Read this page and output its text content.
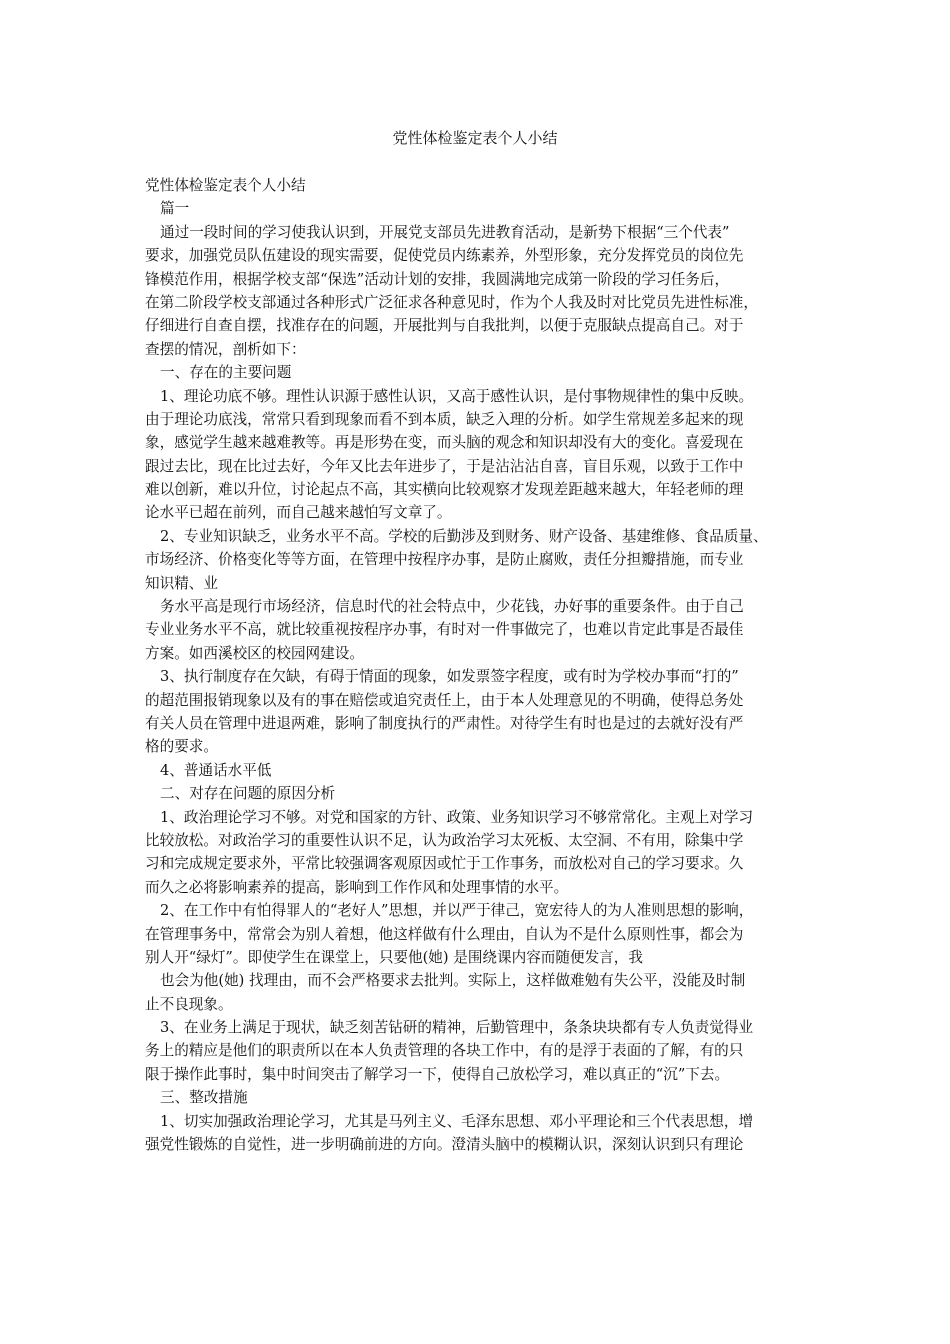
党性体检鉴定表个人小结
党性体检鉴定表个人小结
篇一
通过一段时间的学习使我认识到，开展党支部员先进教育活动，是新势下根据“三个代表”
要求，加强党员队伍建设的现实需要，促使党员内练素养，外型形象，充分发挥党员的岗位先
锋模范作用，根据学校支部“保选”活动计划的安排，我圆满地完成第一阶段的学习任务后，
在第二阶段学校支部通过各种形式广泛征求各种意见时，作为个人我及时对比党员先进性标准，
仔细进行自查自摆，找准存在的问题，开展批判与自我批判，以便于克服缺点提高自己。对于
查摆的情况，剖析如下：
一、存在的主要问题
1、理论功底不够。理性认识源于感性认识，又高于感性认识，是付事物规律性的集中反映。
由于理论功底浅，常常只看到现象而看不到本质，缺乏入理的分析。如学生常规差多起来的现
象，感觉学生越来越难教等。再是形势在变，而头脑的观念和知识却没有大的变化。喜爱现在
跟过去比，现在比过去好，今年又比去年进步了，于是沾沾沾自喜，盲目乐观，以致于工作中
难以创新，难以升位，讨论起点不高，其实横向比较观察才发现差距越来越大，年轻老师的理
论水平已超在前列，而自己越来越怕写文章了。
2、专业知识缺乏，业务水平不高。学校的后勤涉及到财务、财产设备、基建维修、食品质量、
市场经济、价格变化等等方面，在管理中按程序办事，是防止腐败，责任分担瓣措施，而专业
知识精、业
务水平高是现行市场经济，信息时代的社会特点中，少花钱，办好事的重要条件。由于自己
专业业务水平不高，就比较重视按程序办事，有时对一件事做完了，也难以肯定此事是否最佳
方案。如西溪校区的校园网建设。
3、执行制度存在欠缺，有碍于情面的现象，如发票签字程度，或有时为学校办事而“打的”
的超范围报销现象以及有的事在赔偿或追究责任上，由于本人处理意见的不明确，使得总务处
有关人员在管理中进退两难，影响了制度执行的严肃性。对待学生有时也是过的去就好没有严
格的要求。
4、普通话水平低
二、对存在问题的原因分析
1、政治理论学习不够。对党和国家的方针、政策、业务知识学习不够常常化。主观上对学习
比较放松。对政治学习的重要性认识不足，认为政治学习太死板、太空洞、不有用，除集中学
习和完成规定要求外，平常比较强调客观原因或忙于工作事务，而放松对自己的学习要求。久
而久之必将影响素养的提高，影响到工作作风和处理事情的水平。
2、在工作中有怕得罪人的“老好人”思想，并以严于律己，宽宏待人的为人准则思想的影响，
在管理事务中，常常会为别人着想，他这样做有什么理由，自认为不是什么原则性事，都会为
别人开“绿灯”。即使学生在课堂上，只要他(她) 是围绕课内容而随便发言，我
也会为他(她) 找理由，而不会严格要求去批判。实际上，这样做难勉有失公平，没能及时制
止不良现象。
3、在业务上满足于现状，缺乏刻苦钻研的精神，后勤管理中，条条块块都有专人负责觉得业
务上的精应是他们的职责所以在本人负责管理的各块工作中，有的是浮于表面的了解，有的只
限于操作此事时，集中时间突击了解学习一下，使得自己放松学习，难以真正的“沉”下去。
三、整改措施
1、切实加强政治理论学习，尤其是马列主义、毛泽东思想、邓小平理论和三个代表思想，增
强党性锻炼的自觉性，进一步明确前进的方向。澄清头脑中的模糊认识，深刻认识到只有理论
